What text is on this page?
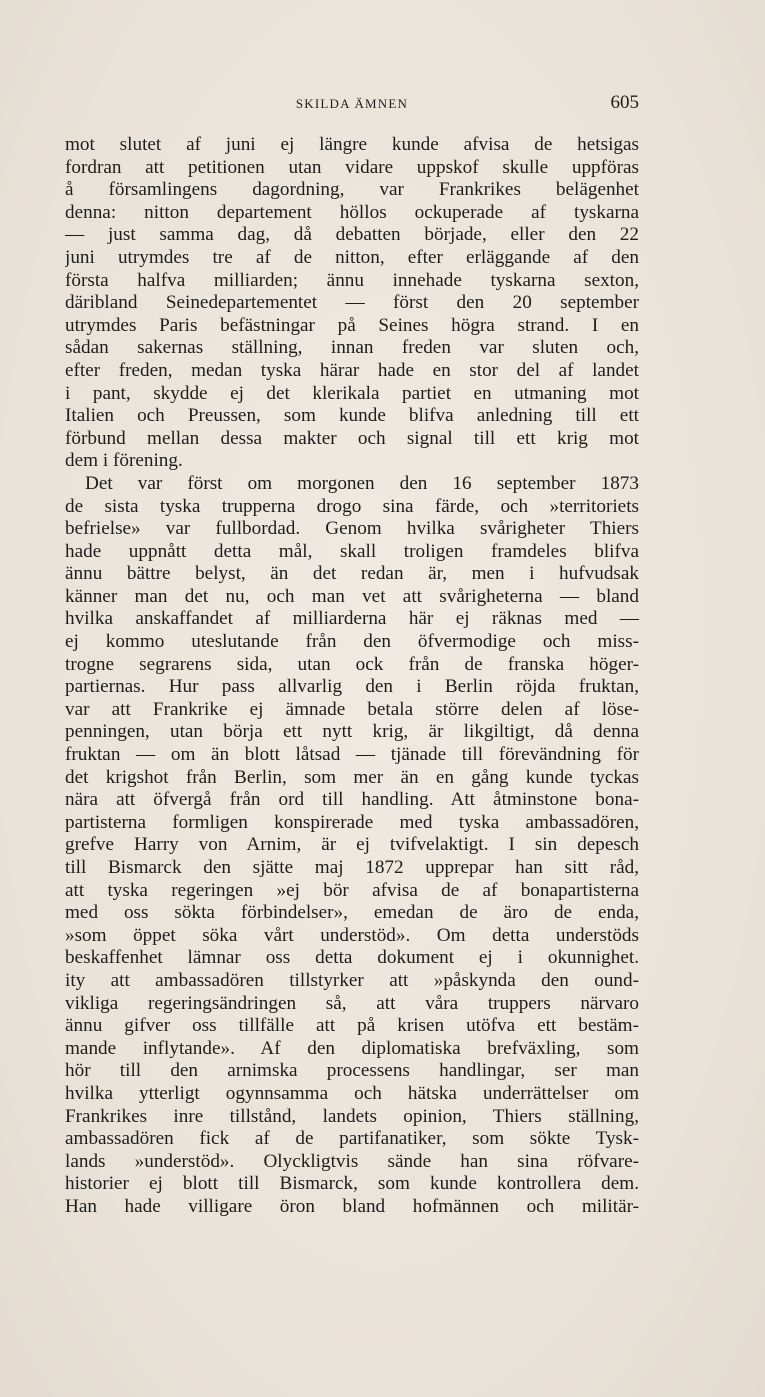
SKILDA ÄMNEN	605
mot slutet af juni ej längre kunde afvisa de hetsigas
fordran att petitionen utan vidare uppskof skulle uppföras
å församlingens dagordning, var Frankrikes belägenhet
denna: nitton departement höllos ockuperade af tyskarna
— just samma dag, då debatten började, eller den 22
juni utrymdes tre af de nitton, efter erläggande af den
första halfva milliarden; ännu innehade tyskarna sexton,
däribland Seinedepartementet — först den 20 september
utrymdes Paris befästningar på Seines högra strand. I en
sådan sakernas ställning, innan freden var sluten och,
efter freden, medan tyska härar hade en stor del af landet
i pant, skydde ej det klerikala partiet en utmaning mot
Italien och Preussen, som kunde blifva anledning till ett
förbund mellan dessa makter och signal till ett krig mot
dem i förening.
Det var först om morgonen den 16 september 1873
de sista tyska trupperna drogo sina färde, och »territoriets
befrielse» var fullbordad. Genom hvilka svårigheter Thiers
hade uppnått detta mål, skall troligen framdeles blifva
ännu bättre belyst, än det redan är, men i hufvudsak
känner man det nu, och man vet att svårigheterna — bland
hvilka anskaffandet af milliarderna här ej räknas med —
ej kommo uteslutande från den öfvermodige och miss-
trogne segrarens sida, utan ock från de franska höger-
partiernas. Hur pass allvarlig den i Berlin röjda fruktan,
var att Frankrike ej ämnade betala större delen af löse-
penningen, utan börja ett nytt krig, är likgiltigt, då denna
fruktan — om än blott låtsad — tjänade till förevändning för
det krigshot från Berlin, som mer än en gång kunde tyckas
nära att öfvergå från ord till handling. Att åtminstone bona-
partisterna formligen konspirerade med tyska ambassadören,
grefve Harry von Arnim, är ej tvifvelaktigt. I sin depesch
till Bismarck den sjätte maj 1872 upprepar han sitt råd,
att tyska regeringen »ej bör afvisa de af bonapartisterna
med oss sökta förbindelser», emedan de äro de enda,
»som öppet söka vårt understöd». Om detta understöds
beskaffenhet lämnar oss detta dokument ej i okunnighet.
ity att ambassadören tillstyrker att »påskynda den ound-
vikliga regeringsändringen så, att våra truppers närvaro
ännu gifver oss tillfälle att på krisen utöfva ett bestäm-
mande inflytande». Af den diplomatiska brefväxling, som
hör till den arnimska processens handlingar, ser man
hvilka ytterligt ogynnsamma och hätska underrättelser om
Frankrikes inre tillstånd, landets opinion, Thiers ställning,
ambassadören fick af de partifanatiker, som sökte Tysk-
lands »understöd». Olyckligtvis sände han sina röfvare-
historier ej blott till Bismarck, som kunde kontrollera dem.
Han hade villigare öron bland hofmännen och militär-
